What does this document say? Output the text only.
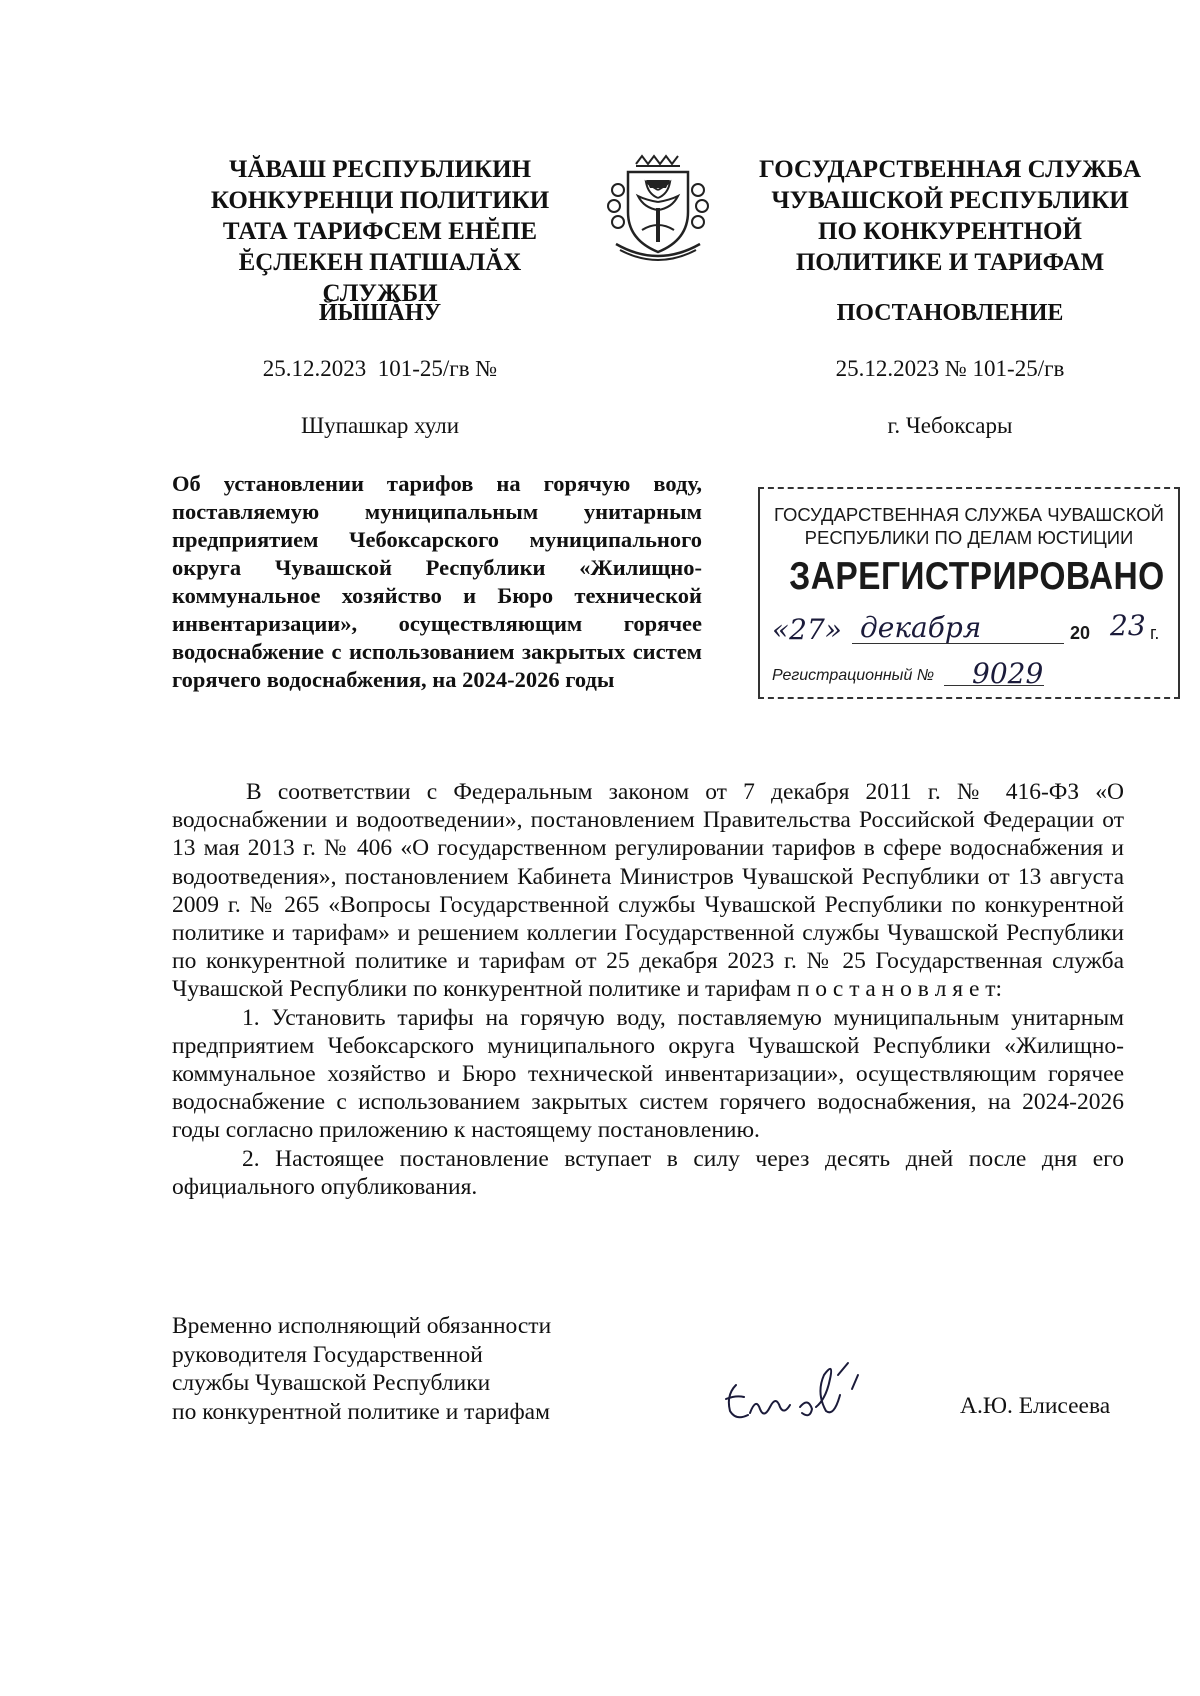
ЧĂВАШ РЕСПУБЛИКИН
КОНКУРЕНЦИ ПОЛИТИКИ
ТАТА ТАРИФСЕМ ЕНĔПЕ
ĔÇЛЕКЕН ПАТШАЛĂХ СЛУЖБИ
ГОСУДАРСТВЕННАЯ СЛУЖБА
ЧУВАШСКОЙ РЕСПУБЛИКИ
ПО КОНКУРЕНТНОЙ
ПОЛИТИКЕ И ТАРИФАМ
ЙЫШĂНУ	ПОСТАНОВЛЕНИЕ
25.12.2023  101-25/гв №	25.12.2023 № 101-25/гв
Шупашкар хули	г. Чебоксары
Об установлении тарифов на горячую воду, поставляемую муниципальным унитарным предприятием Чебоксарского муниципального округа Чувашской Республики «Жилищно-коммунальное хозяйство и Бюро технической инвентаризации», осуществляющим горячее водоснабжение с использованием закрытых систем горячего водоснабжения, на 2024-2026 годы
ГОСУДАРСТВЕННАЯ СЛУЖБА ЧУВАШСКОЙ
РЕСПУБЛИКИ ПО ДЕЛАМ ЮСТИЦИИ
ЗАРЕГИСТРИРОВАНО
«27» декабря	20 23 г.
Регистрационный № 9029

В соответствии с Федеральным законом от 7 декабря 2011 г. № 416-ФЗ «О водоснабжении и водоотведении», постановлением Правительства Российской Федерации от 13 мая 2013 г. № 406 «О государственном регулировании тарифов в сфере водоснабжения и водоотведения», постановлением Кабинета Министров Чувашской Республики от 13 августа 2009 г. № 265 «Вопросы Государственной службы Чувашской Республики по конкурентной политике и тарифам» и решением коллегии Государственной службы Чувашской Республики по конкурентной политике и тарифам от 25 декабря 2023 г. № 25 Государственная служба Чувашской Республики по конкурентной политике и тарифам п о с т а н о в л я е т:

1. Установить тарифы на горячую воду, поставляемую муниципальным унитарным предприятием Чебоксарского муниципального округа Чувашской Республики «Жилищно-коммунальное хозяйство и Бюро технической инвентаризации», осуществляющим горячее водоснабжение с использованием закрытых систем горячего водоснабжения, на 2024-2026 годы согласно приложению к настоящему постановлению.

2. Настоящее постановление вступает в силу через десять дней после дня его официального опубликования.

Временно исполняющий обязанности
руководителя Государственной
службы Чувашской Республики
по конкурентной политике и тарифам	А.Ю. Елисеева
